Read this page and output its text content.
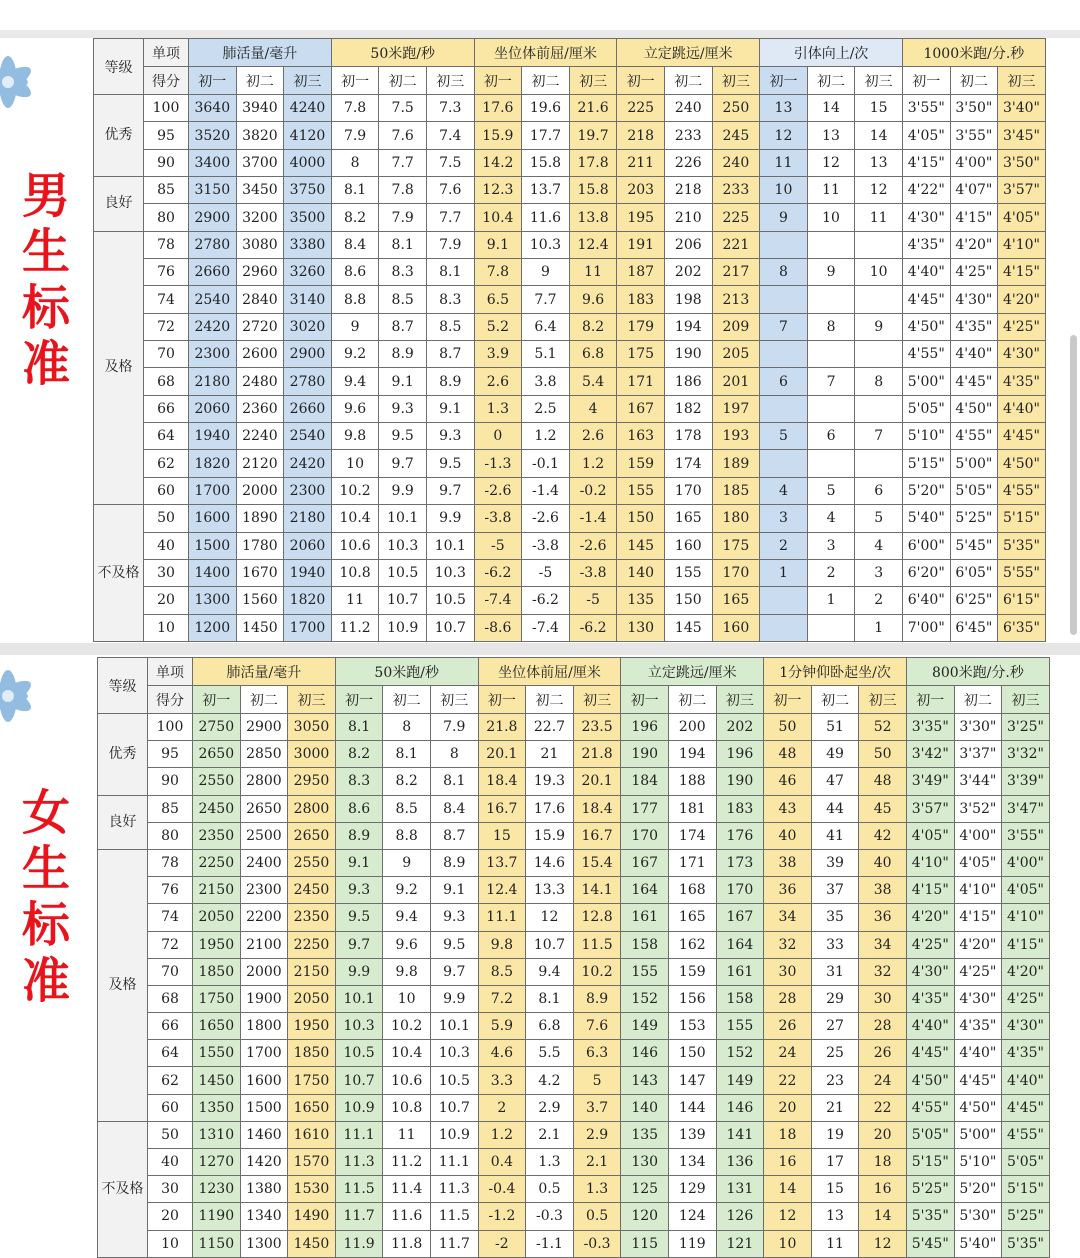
男
生
标
准
女
生
标
准
等级	单项	肺活量/毫升			50米跑/秒			坐位体前屈/厘米			立定跳远/厘米			引体向上/次			1000米跑/分.秒		
	得分	初一	初二	初三	初一	初二	初三	初一	初二	初三	初一	初二	初三	初一	初二	初三	初一	初二	初三
优秀	100	3640	3940	4240	7.8	7.5	7.3	17.6	19.6	21.6	225	240	250	13	14	15	3'55"	3'50"	3'40"
	95	3520	3820	4120	7.9	7.6	7.4	15.9	17.7	19.7	218	233	245	12	13	14	4'05"	3'55"	3'45"
	90	3400	3700	4000	8	7.7	7.5	14.2	15.8	17.8	211	226	240	11	12	13	4'15"	4'00"	3'50"
良好	85	3150	3450	3750	8.1	7.8	7.6	12.3	13.7	15.8	203	218	233	10	11	12	4'22"	4'07"	3'57"
	80	2900	3200	3500	8.2	7.9	7.7	10.4	11.6	13.8	195	210	225	9	10	11	4'30"	4'15"	4'05"
及格	78	2780	3080	3380	8.4	8.1	7.9	9.1	10.3	12.4	191	206	221				4'35"	4'20"	4'10"
	76	2660	2960	3260	8.6	8.3	8.1	7.8	9	11	187	202	217	8	9	10	4'40"	4'25"	4'15"
	74	2540	2840	3140	8.8	8.5	8.3	6.5	7.7	9.6	183	198	213				4'45"	4'30"	4'20"
	72	2420	2720	3020	9	8.7	8.5	5.2	6.4	8.2	179	194	209	7	8	9	4'50"	4'35"	4'25"
	70	2300	2600	2900	9.2	8.9	8.7	3.9	5.1	6.8	175	190	205				4'55"	4'40"	4'30"
	68	2180	2480	2780	9.4	9.1	8.9	2.6	3.8	5.4	171	186	201	6	7	8	5'00"	4'45"	4'35"
	66	2060	2360	2660	9.6	9.3	9.1	1.3	2.5	4	167	182	197				5'05"	4'50"	4'40"
	64	1940	2240	2540	9.8	9.5	9.3	0	1.2	2.6	163	178	193	5	6	7	5'10"	4'55"	4'45"
	62	1820	2120	2420	10	9.7	9.5	-1.3	-0.1	1.2	159	174	189				5'15"	5'00"	4'50"
	60	1700	2000	2300	10.2	9.9	9.7	-2.6	-1.4	-0.2	155	170	185	4	5	6	5'20"	5'05"	4'55"
不及格	50	1600	1890	2180	10.4	10.1	9.9	-3.8	-2.6	-1.4	150	165	180	3	4	5	5'40"	5'25"	5'15"
	40	1500	1780	2060	10.6	10.3	10.1	-5	-3.8	-2.6	145	160	175	2	3	4	6'00"	5'45"	5'35"
	30	1400	1670	1940	10.8	10.5	10.3	-6.2	-5	-3.8	140	155	170	1	2	3	6'20"	6'05"	5'55"
	20	1300	1560	1820	11	10.7	10.5	-7.4	-6.2	-5	135	150	165		1	2	6'40"	6'25"	6'15"
	10	1200	1450	1700	11.2	10.9	10.7	-8.6	-7.4	-6.2	130	145	160			1	7'00"	6'45"	6'35"
等级	单项	肺活量/毫升			50米跑/秒			坐位体前屈/厘米			立定跳远/厘米			1分钟仰卧起坐/次			800米跑/分.秒		
	得分	初一	初二	初三	初一	初二	初三	初一	初二	初三	初一	初二	初三	初一	初二	初三	初一	初二	初三
优秀	100	2750	2900	3050	8.1	8	7.9	21.8	22.7	23.5	196	200	202	50	51	52	3'35"	3'30"	3'25"
	95	2650	2850	3000	8.2	8.1	8	20.1	21	21.8	190	194	196	48	49	50	3'42"	3'37"	3'32"
	90	2550	2800	2950	8.3	8.2	8.1	18.4	19.3	20.1	184	188	190	46	47	48	3'49"	3'44"	3'39"
良好	85	2450	2650	2800	8.6	8.5	8.4	16.7	17.6	18.4	177	181	183	43	44	45	3'57"	3'52"	3'47"
	80	2350	2500	2650	8.9	8.8	8.7	15	15.9	16.7	170	174	176	40	41	42	4'05"	4'00"	3'55"
及格	78	2250	2400	2550	9.1	9	8.9	13.7	14.6	15.4	167	171	173	38	39	40	4'10"	4'05"	4'00"
	76	2150	2300	2450	9.3	9.2	9.1	12.4	13.3	14.1	164	168	170	36	37	38	4'15"	4'10"	4'05"
	74	2050	2200	2350	9.5	9.4	9.3	11.1	12	12.8	161	165	167	34	35	36	4'20"	4'15"	4'10"
	72	1950	2100	2250	9.7	9.6	9.5	9.8	10.7	11.5	158	162	164	32	33	34	4'25"	4'20"	4'15"
	70	1850	2000	2150	9.9	9.8	9.7	8.5	9.4	10.2	155	159	161	30	31	32	4'30"	4'25"	4'20"
	68	1750	1900	2050	10.1	10	9.9	7.2	8.1	8.9	152	156	158	28	29	30	4'35"	4'30"	4'25"
	66	1650	1800	1950	10.3	10.2	10.1	5.9	6.8	7.6	149	153	155	26	27	28	4'40"	4'35"	4'30"
	64	1550	1700	1850	10.5	10.4	10.3	4.6	5.5	6.3	146	150	152	24	25	26	4'45"	4'40"	4'35"
	62	1450	1600	1750	10.7	10.6	10.5	3.3	4.2	5	143	147	149	22	23	24	4'50"	4'45"	4'40"
	60	1350	1500	1650	10.9	10.8	10.7	2	2.9	3.7	140	144	146	20	21	22	4'55"	4'50"	4'45"
不及格	50	1310	1460	1610	11.1	11	10.9	1.2	2.1	2.9	135	139	141	18	19	20	5'05"	5'00"	4'55"
	40	1270	1420	1570	11.3	11.2	11.1	0.4	1.3	2.1	130	134	136	16	17	18	5'15"	5'10"	5'05"
	30	1230	1380	1530	11.5	11.4	11.3	-0.4	0.5	1.3	125	129	131	14	15	16	5'25"	5'20"	5'15"
	20	1190	1340	1490	11.7	11.6	11.5	-1.2	-0.3	0.5	120	124	126	12	13	14	5'35"	5'30"	5'25"
	10	1150	1300	1450	11.9	11.8	11.7	-2	-1.1	-0.3	115	119	121	10	11	12	5'45"	5'40"	5'35"
